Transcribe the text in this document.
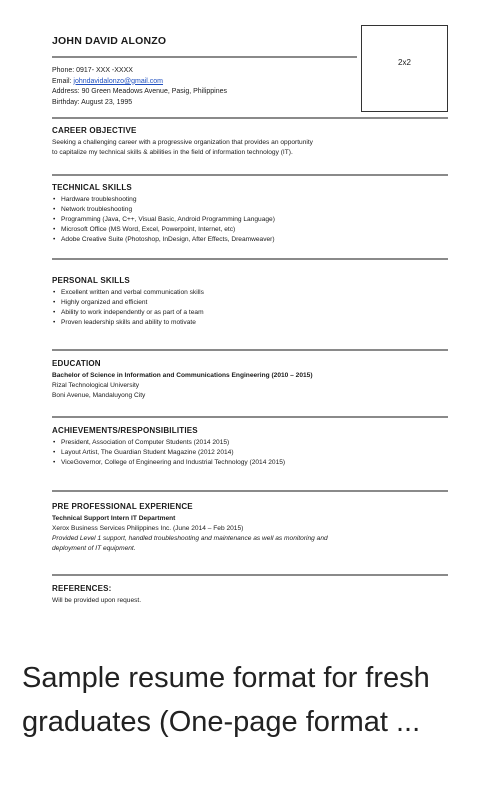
JOHN DAVID ALONZO
2x2
Phone: 0917- XXX -XXXX
Email: johndavidalonzo@gmail.com
Address: 90 Green Meadows Avenue, Pasig, Philippines
Birthday: August 23, 1995
CAREER OBJECTIVE
Seeking a challenging career with a progressive organization that provides an opportunity
to capitalize my technical skills & abilities in the field of information technology (IT).
TECHNICAL SKILLS
• Hardware troubleshooting
• Network troubleshooting
• Programming (Java, C++, Visual Basic, Android Programming Language)
• Microsoft Office (MS Word, Excel, Powerpoint, Internet, etc)
• Adobe Creative Suite (Photoshop, InDesign, After Effects, Dreamweaver)
PERSONAL SKILLS
• Excellent written and verbal communication skills
• Highly organized and efficient
• Ability to work independently or as part of a team
• Proven leadership skills and ability to motivate
EDUCATION
Bachelor of Science in Information and Communications Engineering (2010 – 2015)
Rizal Technological University
Boni Avenue, Mandaluyong City
ACHIEVEMENTS/RESPONSIBILITIES
• President, Association of Computer Students (2014 2015)
• Layout Artist, The Guardian Student Magazine (2012 2014)
• ViceGovernor, College of Engineering and Industrial Technology (2014 2015)
PRE PROFESSIONAL EXPERIENCE
Technical Support Intern IT Department
Xerox Business Services Philippines Inc. (June 2014 – Feb 2015)
Provided Level 1 support, handled troubleshooting and maintenance as well as monitoring and
deployment of IT equipment.
REFERENCES:
Will be provided upon request.
Sample resume format for fresh graduates (One-page format ...
